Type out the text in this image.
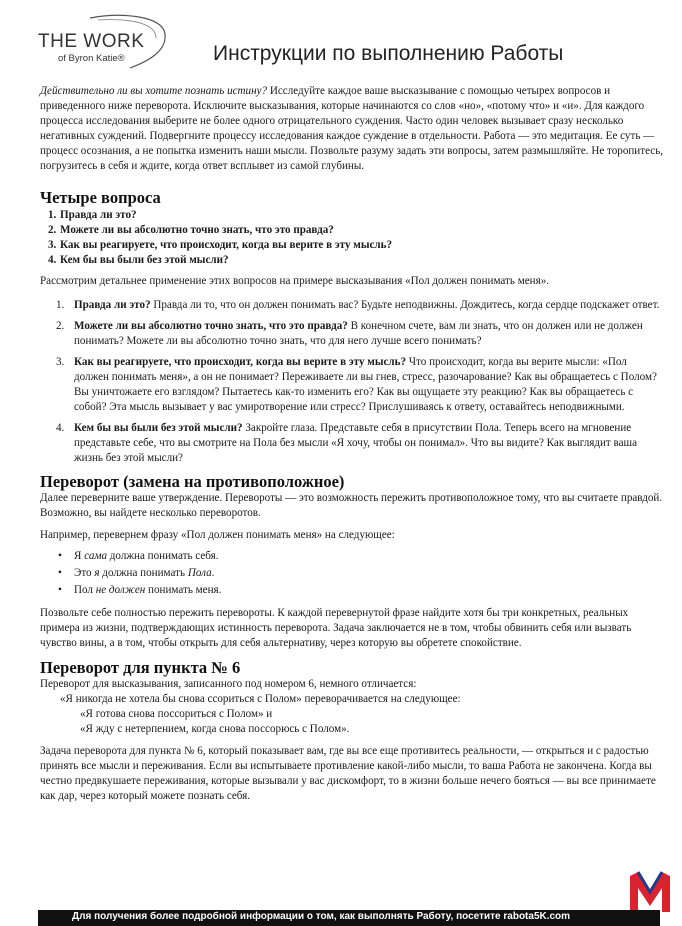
THE WORK
of Byron Katie®	Инструкции по выполнению Работы

Действительно ли вы хотите познать истину? Исследуйте каждое ваше высказывание с помощью четырех вопросов и приведенного ниже переворота. Исключите высказывания, которые начинаются со слов «но», «потому что» и «и». Для каждого процесса исследования выберите не более одного отрицательного суждения. Часто один человек вызывает сразу несколько негативных суждений. Подвергните процессу исследования каждое суждение в отдельности. Работа — это медитация. Ее суть — процесс осознания, а не попытка изменить наши мысли. Позвольте разуму задать эти вопросы, затем размышляйте. Не торопитесь, погрузитесь в себя и ждите, когда ответ всплывет из самой глубины.

Четыре вопроса
1. Правда ли это?
2. Можете ли вы абсолютно точно знать, что это правда?
3. Как вы реагируете, что происходит, когда вы верите в эту мысль?
4. Кем бы вы были без этой мысли?

Рассмотрим детальнее применение этих вопросов на примере высказывания «Пол должен понимать меня».

1. Правда ли это? Правда ли то, что он должен понимать вас? Будьте неподвижны. Дождитесь, когда сердце подскажет ответ.
2. Можете ли вы абсолютно точно знать, что это правда? В конечном счете, вам ли знать, что он должен или не должен понимать? Можете ли вы абсолютно точно знать, что для него лучше всего понимать?
3. Как вы реагируете, что происходит, когда вы верите в эту мысль? Что происходит, когда вы верите мысли: «Пол должен понимать меня», а он не понимает? Переживаете ли вы гнев, стресс, разочарование? Как вы обращаетесь с Полом? Вы уничтожаете его взглядом? Пытаетесь как-то изменить его? Как вы ощущаете эту реакцию? Как вы обращаетесь с собой? Эта мысль вызывает у вас умиротворение или стресс? Прислушиваясь к ответу, оставайтесь неподвижными.
4. Кем бы вы были без этой мысли? Закройте глаза. Представьте себя в присутствии Пола. Теперь всего на мгновение представьте себе, что вы смотрите на Пола без мысли «Я хочу, чтобы он понимал». Что вы видите? Как выглядит ваша жизнь без этой мысли?
Переворот (замена на противоположное)

Далее переверните ваше утверждение. Перевороты — это возможность пережить противоположное тому, что вы считаете правдой. Возможно, вы найдете несколько переворотов.

Например, перевернем фразу «Пол должен понимать меня» на следующее:

• Я сама должна понимать себя.
• Это я должна понимать Пола.
• Пол не должен понимать меня.

Позвольте себе полностью пережить перевороты. К каждой перевернутой фразе найдите хотя бы три конкретных, реальных примера из жизни, подтверждающих истинность переворота. Задача заключается не в том, чтобы обвинить себя или вызвать чувство вины, а в том, чтобы открыть для себя альтернативу, через которую вы обретете спокойствие.

Переворот для пункта № 6

Переворот для высказывания, записанного под номером 6, немного отличается:

«Я никогда не хотела бы снова ссориться с Полом» переворачивается на следующее:

«Я готова снова поссориться с Полом» и

«Я жду с нетерпением, когда снова поссорюсь с Полом».

Задача переворота для пункта № 6, который показывает вам, где вы все еще противитесь реальности, — открыться и с радостью принять все мысли и переживания. Если вы испытываете противление какой-либо мысли, то ваша Работа не закончена. Когда вы честно предвкушаете переживания, которые вызывали у вас дискомфорт, то в жизни больше нечего бояться — вы все принимаете как дар, через который можете познать себя.

Для получения более подробной информации о том, как выполнять Работу, посетите rabota5K.com
